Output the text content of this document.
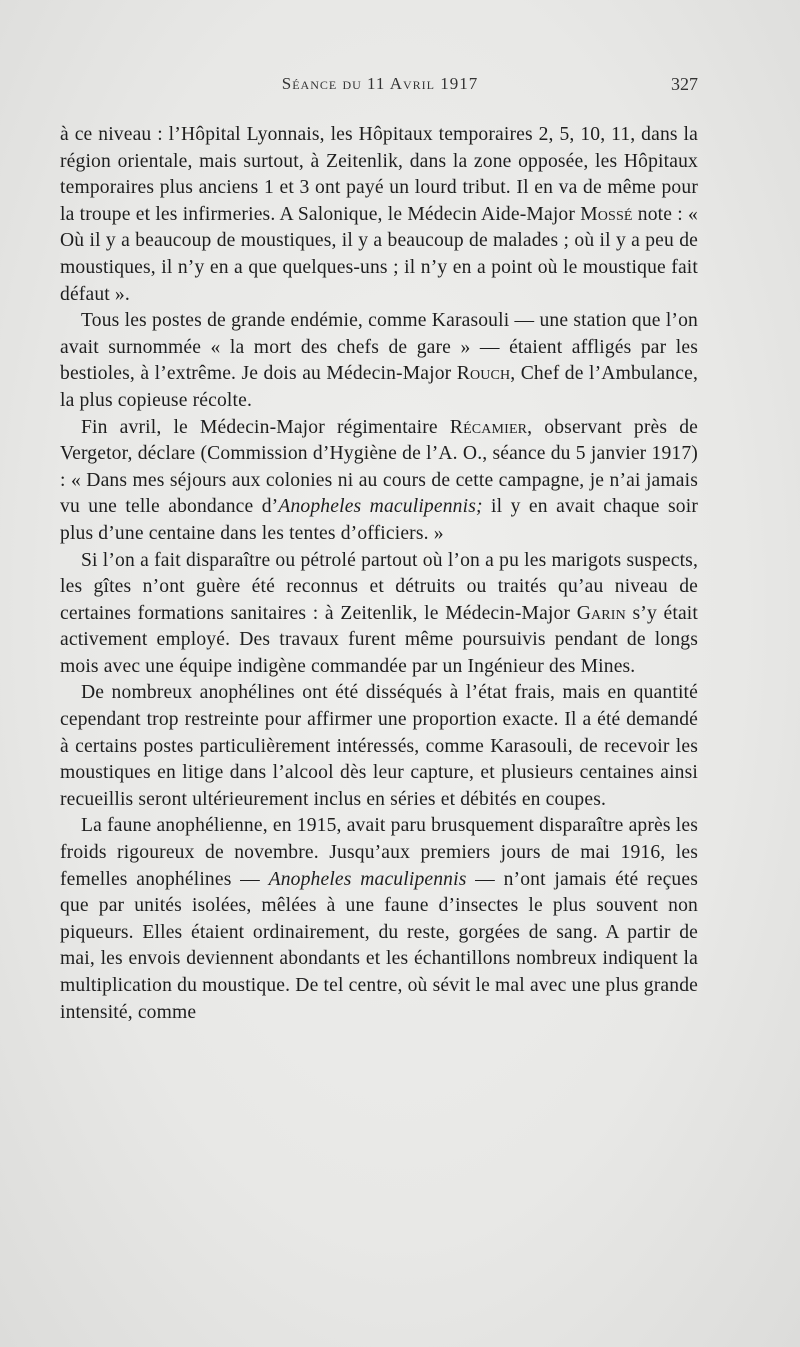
Séance du 11 Avril 1917	327

à ce niveau : l’Hôpital Lyonnais, les Hôpitaux temporaires 2, 5, 10, 11, dans la région orientale, mais surtout, à Zeitenlik, dans la zone opposée, les Hôpitaux temporaires plus anciens 1 et 3 ont payé un lourd tribut. Il en va de même pour la troupe et les infirmeries. A Salonique, le Médecin Aide-Major Mossé note : « Où il y a beaucoup de moustiques, il y a beaucoup de malades ; où il y a peu de moustiques, il n’y en a que quelques-uns ; il n’y en a point où le moustique fait défaut ».

Tous les postes de grande endémie, comme Karasouli — une station que l’on avait surnommée « la mort des chefs de gare » — étaient affligés par les bestioles, à l’extrême. Je dois au Médecin-Major Rouch, Chef de l’Ambulance, la plus copieuse récolte.

Fin avril, le Médecin-Major régimentaire Récamier, observant près de Vergetor, déclare (Commission d’Hygiène de l’A. O., séance du 5 janvier 1917) : « Dans mes séjours aux colonies ni au cours de cette campagne, je n’ai jamais vu une telle abondance d’Anopheles maculipennis; il y en avait chaque soir plus d’une centaine dans les tentes d’officiers. »

Si l’on a fait disparaître ou pétrolé partout où l’on a pu les marigots suspects, les gîtes n’ont guère été reconnus et détruits ou traités qu’au niveau de certaines formations sanitaires : à Zeitenlik, le Médecin-Major Garin s’y était activement employé. Des travaux furent même poursuivis pendant de longs mois avec une équipe indigène commandée par un Ingénieur des Mines.

De nombreux anophélines ont été disséqués à l’état frais, mais en quantité cependant trop restreinte pour affirmer une proportion exacte. Il a été demandé à certains postes particulièrement intéressés, comme Karasouli, de recevoir les moustiques en litige dans l’alcool dès leur capture, et plusieurs centaines ainsi recueillis seront ultérieurement inclus en séries et débités en coupes.

La faune anophélienne, en 1915, avait paru brusquement disparaître après les froids rigoureux de novembre. Jusqu’aux premiers jours de mai 1916, les femelles anophélines — Anopheles maculipennis — n’ont jamais été reçues que par unités isolées, mêlées à une faune d’insectes le plus souvent non piqueurs. Elles étaient ordinairement, du reste, gorgées de sang. A partir de mai, les envois deviennent abondants et les échantillons nombreux indiquent la multiplication du moustique. De tel centre, où sévit le mal avec une plus grande intensité, comme
